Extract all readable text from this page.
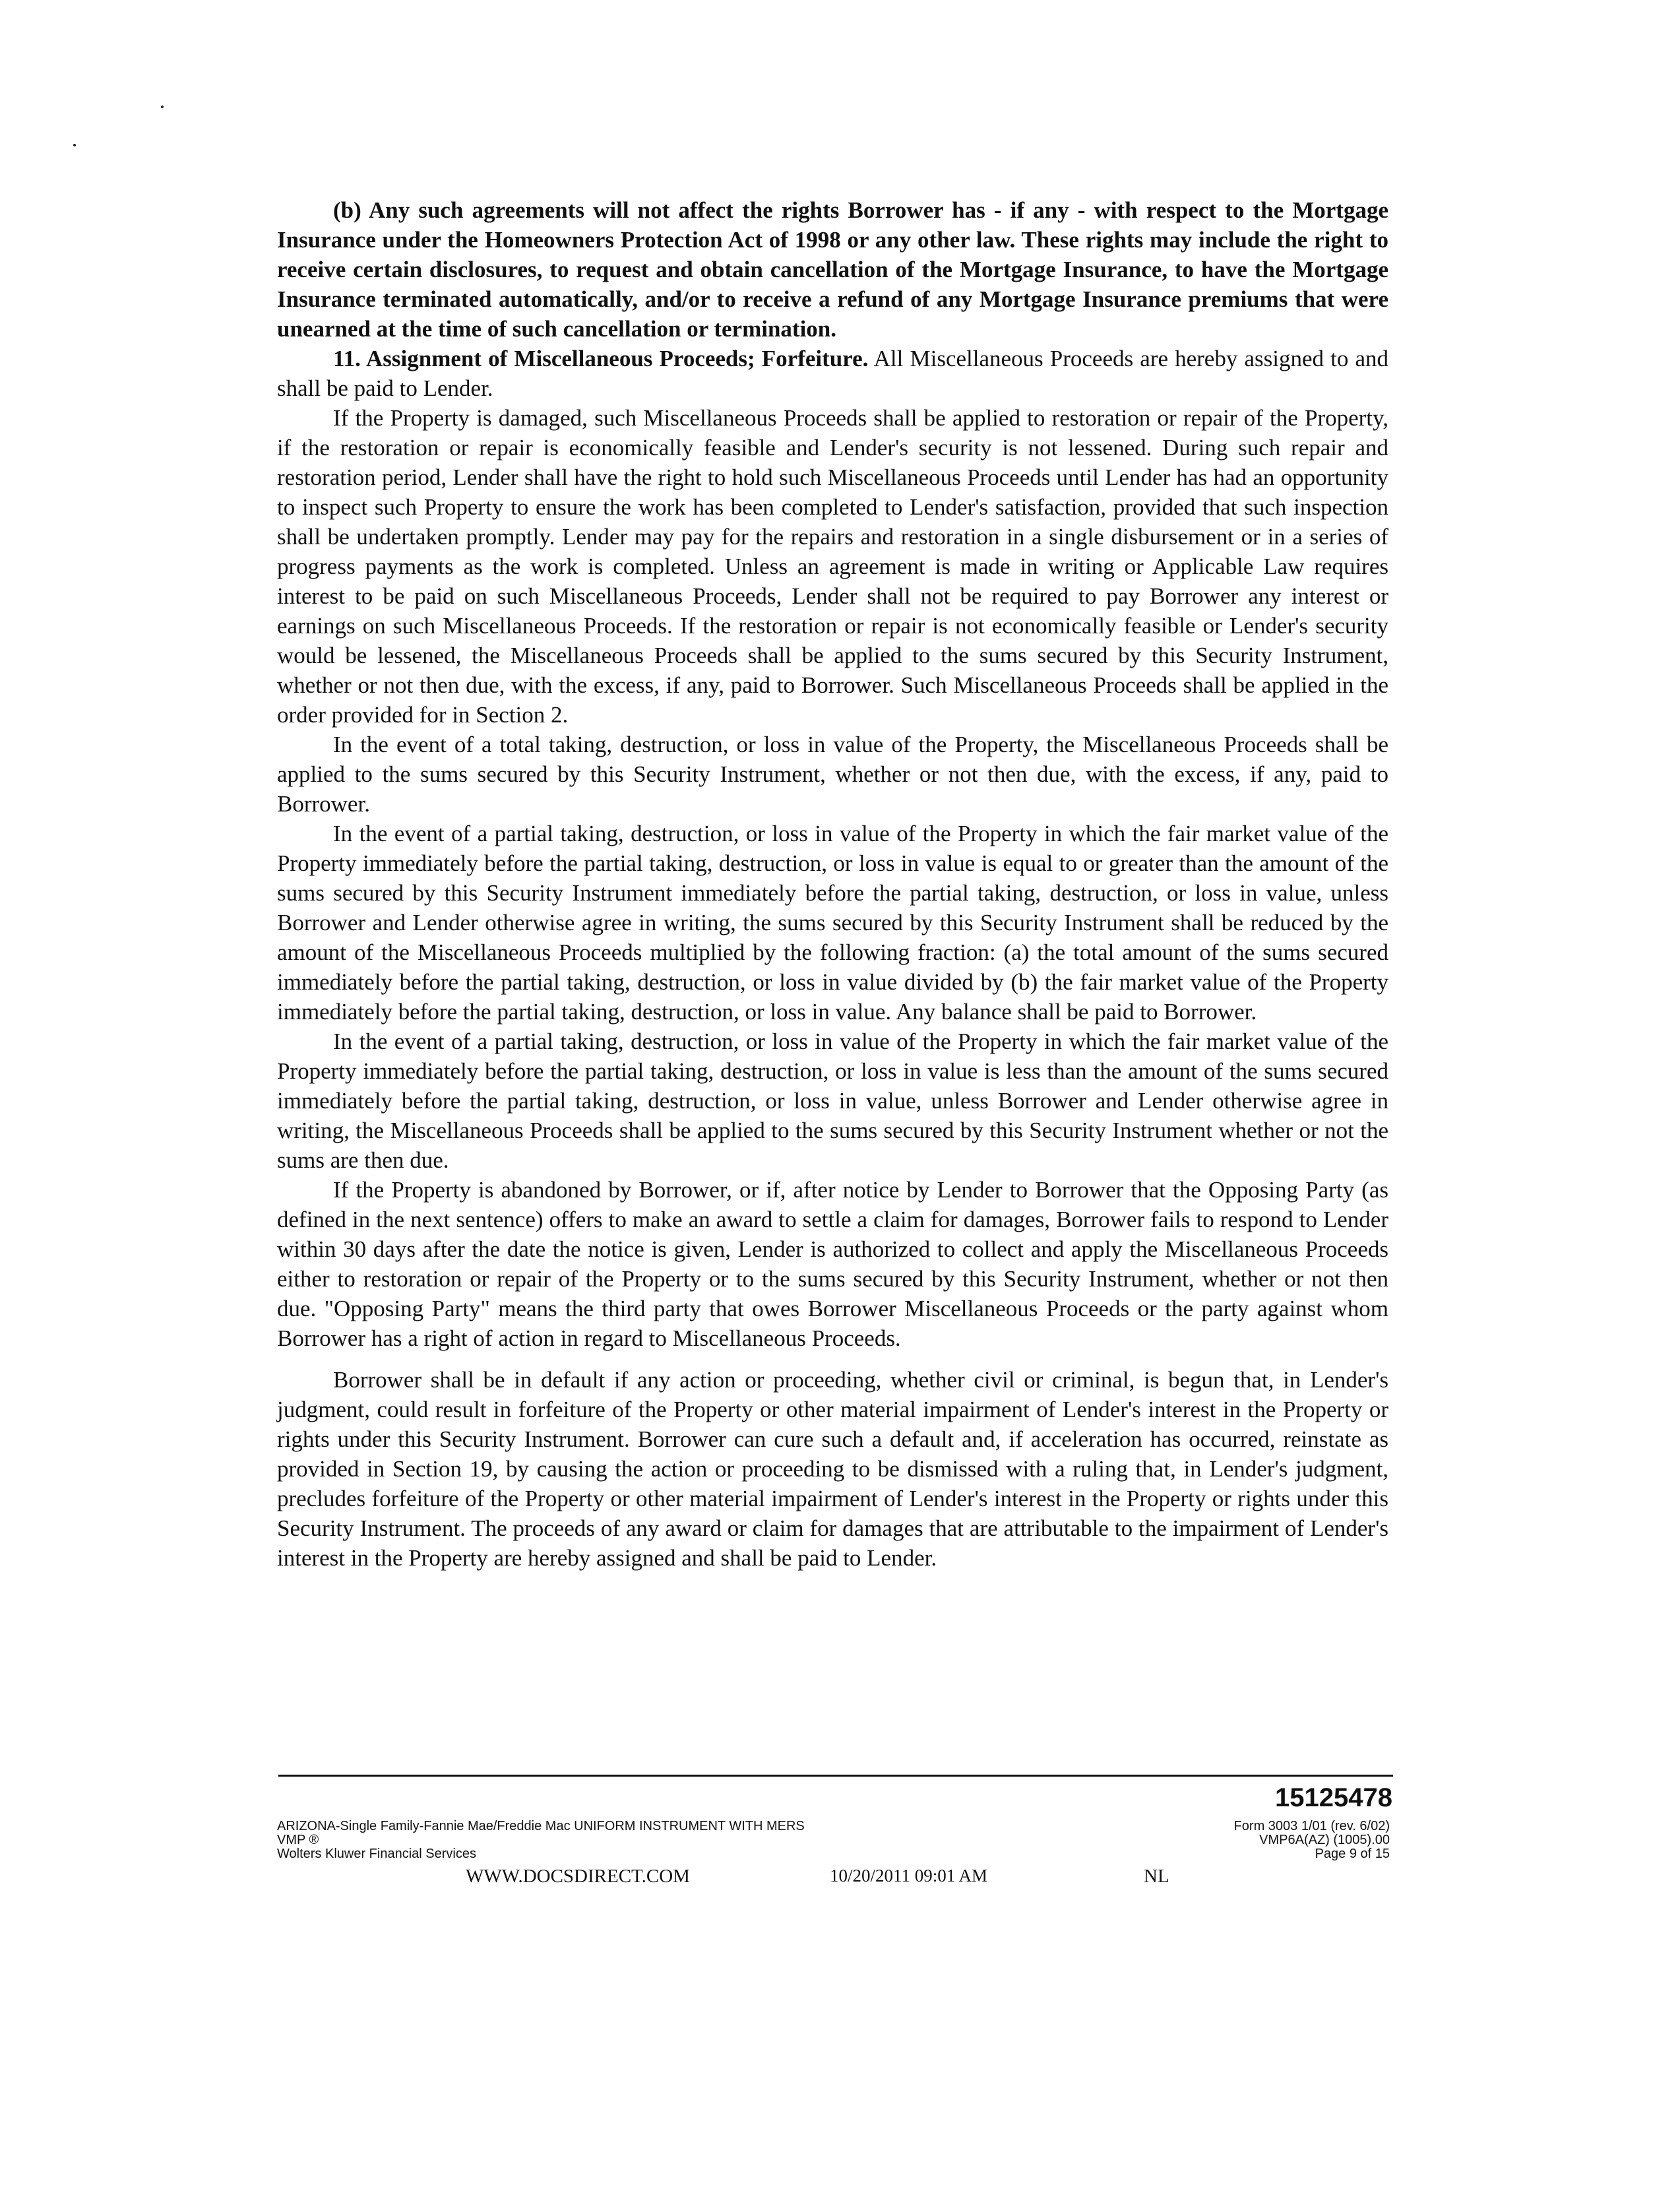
(b) Any such agreements will not affect the rights Borrower has - if any - with respect to the Mortgage Insurance under the Homeowners Protection Act of 1998 or any other law. These rights may include the right to receive certain disclosures, to request and obtain cancellation of the Mortgage Insurance, to have the Mortgage Insurance terminated automatically, and/or to receive a refund of any Mortgage Insurance premiums that were unearned at the time of such cancellation or termination.

11. Assignment of Miscellaneous Proceeds; Forfeiture. All Miscellaneous Proceeds are hereby assigned to and shall be paid to Lender.

If the Property is damaged, such Miscellaneous Proceeds shall be applied to restoration or repair of the Property, if the restoration or repair is economically feasible and Lender's security is not lessened. During such repair and restoration period, Lender shall have the right to hold such Miscellaneous Proceeds until Lender has had an opportunity to inspect such Property to ensure the work has been completed to Lender's satisfaction, provided that such inspection shall be undertaken promptly. Lender may pay for the repairs and restoration in a single disbursement or in a series of progress payments as the work is completed. Unless an agreement is made in writing or Applicable Law requires interest to be paid on such Miscellaneous Proceeds, Lender shall not be required to pay Borrower any interest or earnings on such Miscellaneous Proceeds. If the restoration or repair is not economically feasible or Lender's security would be lessened, the Miscellaneous Proceeds shall be applied to the sums secured by this Security Instrument, whether or not then due, with the excess, if any, paid to Borrower. Such Miscellaneous Proceeds shall be applied in the order provided for in Section 2.

In the event of a total taking, destruction, or loss in value of the Property, the Miscellaneous Proceeds shall be applied to the sums secured by this Security Instrument, whether or not then due, with the excess, if any, paid to Borrower.

In the event of a partial taking, destruction, or loss in value of the Property in which the fair market value of the Property immediately before the partial taking, destruction, or loss in value is equal to or greater than the amount of the sums secured by this Security Instrument immediately before the partial taking, destruction, or loss in value, unless Borrower and Lender otherwise agree in writing, the sums secured by this Security Instrument shall be reduced by the amount of the Miscellaneous Proceeds multiplied by the following fraction: (a) the total amount of the sums secured immediately before the partial taking, destruction, or loss in value divided by (b) the fair market value of the Property immediately before the partial taking, destruction, or loss in value. Any balance shall be paid to Borrower.

In the event of a partial taking, destruction, or loss in value of the Property in which the fair market value of the Property immediately before the partial taking, destruction, or loss in value is less than the amount of the sums secured immediately before the partial taking, destruction, or loss in value, unless Borrower and Lender otherwise agree in writing, the Miscellaneous Proceeds shall be applied to the sums secured by this Security Instrument whether or not the sums are then due.

If the Property is abandoned by Borrower, or if, after notice by Lender to Borrower that the Opposing Party (as defined in the next sentence) offers to make an award to settle a claim for damages, Borrower fails to respond to Lender within 30 days after the date the notice is given, Lender is authorized to collect and apply the Miscellaneous Proceeds either to restoration or repair of the Property or to the sums secured by this Security Instrument, whether or not then due. "Opposing Party" means the third party that owes Borrower Miscellaneous Proceeds or the party against whom Borrower has a right of action in regard to Miscellaneous Proceeds.

Borrower shall be in default if any action or proceeding, whether civil or criminal, is begun that, in Lender's judgment, could result in forfeiture of the Property or other material impairment of Lender's interest in the Property or rights under this Security Instrument. Borrower can cure such a default and, if acceleration has occurred, reinstate as provided in Section 19, by causing the action or proceeding to be dismissed with a ruling that, in Lender's judgment, precludes forfeiture of the Property or other material impairment of Lender's interest in the Property or rights under this Security Instrument. The proceeds of any award or claim for damages that are attributable to the impairment of Lender's interest in the Property are hereby assigned and shall be paid to Lender.

15125478
ARIZONA-Single Family-Fannie Mae/Freddie Mac UNIFORM INSTRUMENT WITH MERS
VMP ®
Wolters Kluwer Financial Services
Form 3003 1/01 (rev. 6/02)
VMP6A(AZ) (1005).00
Page 9 of 15
WWW.DOCSDIRECT.COM	10/20/2011 09:01 AM	NL
